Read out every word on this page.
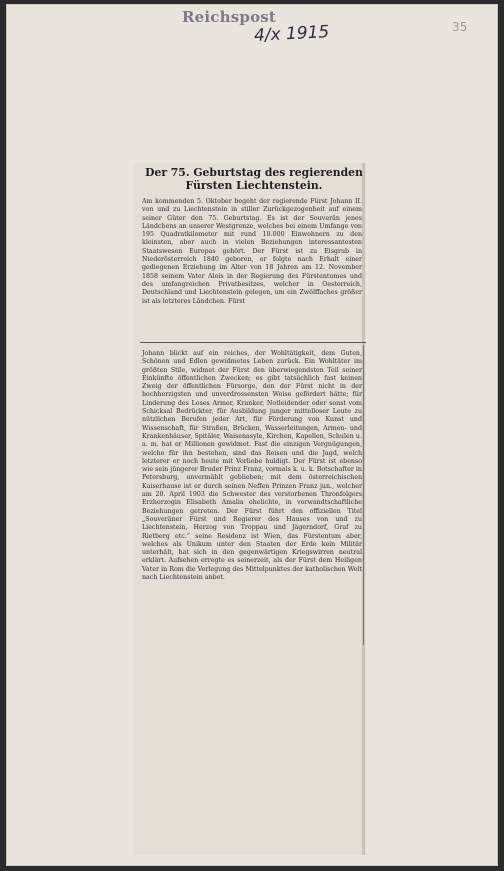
Reichspost
4/x 1915	35
Der 75. Geburtstag des regierenden Fürsten Liechtenstein.

Am kommenden 5. Oktober begeht der regierende Fürst Johann II. von und zu Liechtenstein in stiller Zurückgezogenheit auf einem seiner Güter den 75. Geburtstag. Es ist der Souverän jenes Ländchens an unserer Westgrenze, welches bei einem Umfange von 195 Quadratkilometer mit rund 10.000 Einwohnern zu den kleinsten, aber auch in vielen Beziehungen interessantesten Staatswesen Europas gehört. Der Fürst ist zu Eisgrub in Niederösterreich 1840 geboren, er folgte nach Erhalt einer gediegenen Erziehung im Alter von 18 Jahren am 12. November 1858 seinem Vater Alois in der Regierung des Fürstentumes und des umfangreichen Privatbesitzes, welcher in Oesterreich, Deutschland und Liechtenstein gelegen, um ein Zwölffaches größer ist als letzteres Ländchen. Fürst

Johann blickt auf ein reiches, der Wohltätigkeit, dem Guten, Schönen und Edlen gewidmetes Leben zurück. Ein Wohltäter im größten Stile, widmet der Fürst den überwiegendsten Teil seiner Einkünfte öffentlichen Zwecken; es gibt tatsächlich fast keinen Zweig der öffentlichen Fürsorge, den der Fürst nicht in der hochherzigsten und unverdrossensten Weise gefördert hätte; für Linderung des Loses Armer, Kranker, Notleidender oder sonst vom Schicksal Bedrückter, für Ausbildung junger mittelloser Leute zu nützlichen Berufen jeder Art, für Förderung von Kunst und Wissenschaft, für Straßen, Brücken, Wasserleitungen, Armen- und Krankenhäuser, Spitäler, Waisenasyle, Kirchen, Kapellen, Schulen u. a. m. hat er Millionen gewidmet. Fast die einzigen Vergnügungen, welche für ihn bestehen, sind das Reisen und die Jagd, welch letzterer er noch heute mit Vorliebe huldigt. Der Fürst ist ebenso wie sein jüngerer Bruder Prinz Franz, vormals k. u. k. Botschafter in Petersburg, unvermählt geblieben; mit dem österreichischen Kaiserhause ist er durch seinen Neffen Prinzen Franz jun., welcher am 20. April 1903 die Schwester des verstorbenen Thronfolgers Erzherzogin Elisabeth Amalia ehelichte, in verwandtschaftliche Beziehungen getreten. Der Fürst führt den offiziellen Titel „Souveräner Fürst und Regierer des Hauses von und zu Liechtenstein, Herzog von Troppau und Jägerndorf, Graf zu Rietberg etc.“ seine Residenz ist Wien, das Fürstentum aber, welches als Unikum unter den Staaten der Erde kein Militär unterhält, hat sich in den gegenwärtigen Kriegswirren neutral erklärt. Aufsehen erregte es seinerzeit, als der Fürst dem Heiligen Vater in Rom die Verlegung des Mittelpunktes der katholischen Welt nach Liechtenstein anbot.
